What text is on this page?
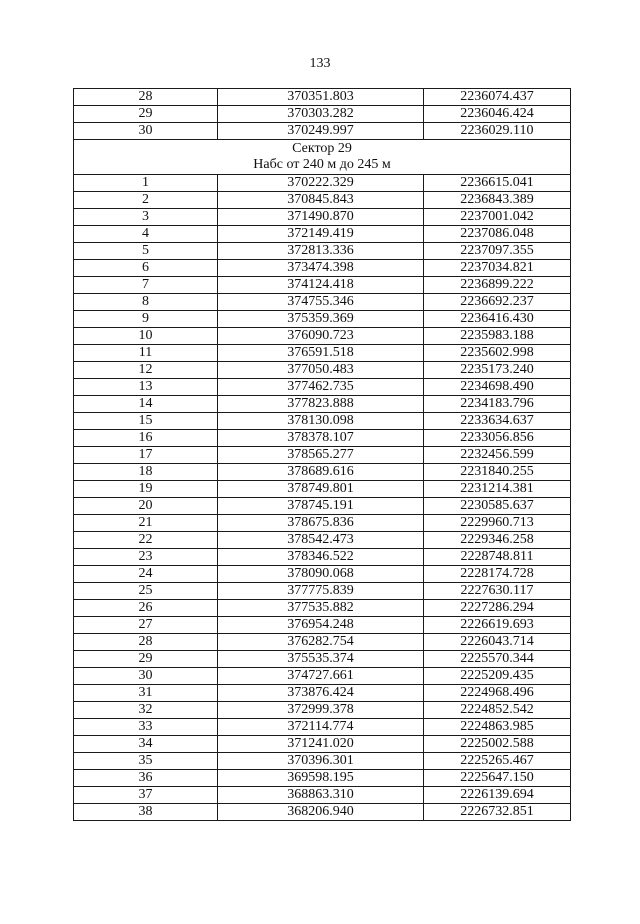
133
28	370351.803	2236074.437
29	370303.282	2236046.424
30	370249.997	2236029.110

Сектор 29
Набс от 240 м до 245 м		

1	370222.329	2236615.041
2	370845.843	2236843.389
3	371490.870	2237001.042
4	372149.419	2237086.048
5	372813.336	2237097.355
6	373474.398	2237034.821
7	374124.418	2236899.222
8	374755.346	2236692.237
9	375359.369	2236416.430
10	376090.723	2235983.188
11	376591.518	2235602.998
12	377050.483	2235173.240
13	377462.735	2234698.490
14	377823.888	2234183.796
15	378130.098	2233634.637
16	378378.107	2233056.856
17	378565.277	2232456.599
18	378689.616	2231840.255
19	378749.801	2231214.381
20	378745.191	2230585.637
21	378675.836	2229960.713
22	378542.473	2229346.258
23	378346.522	2228748.811
24	378090.068	2228174.728
25	377775.839	2227630.117
26	377535.882	2227286.294
27	376954.248	2226619.693
28	376282.754	2226043.714
29	375535.374	2225570.344
30	374727.661	2225209.435
31	373876.424	2224968.496
32	372999.378	2224852.542
33	372114.774	2224863.985
34	371241.020	2225002.588
35	370396.301	2225265.467
36	369598.195	2225647.150
37	368863.310	2226139.694
38	368206.940	2226732.851
